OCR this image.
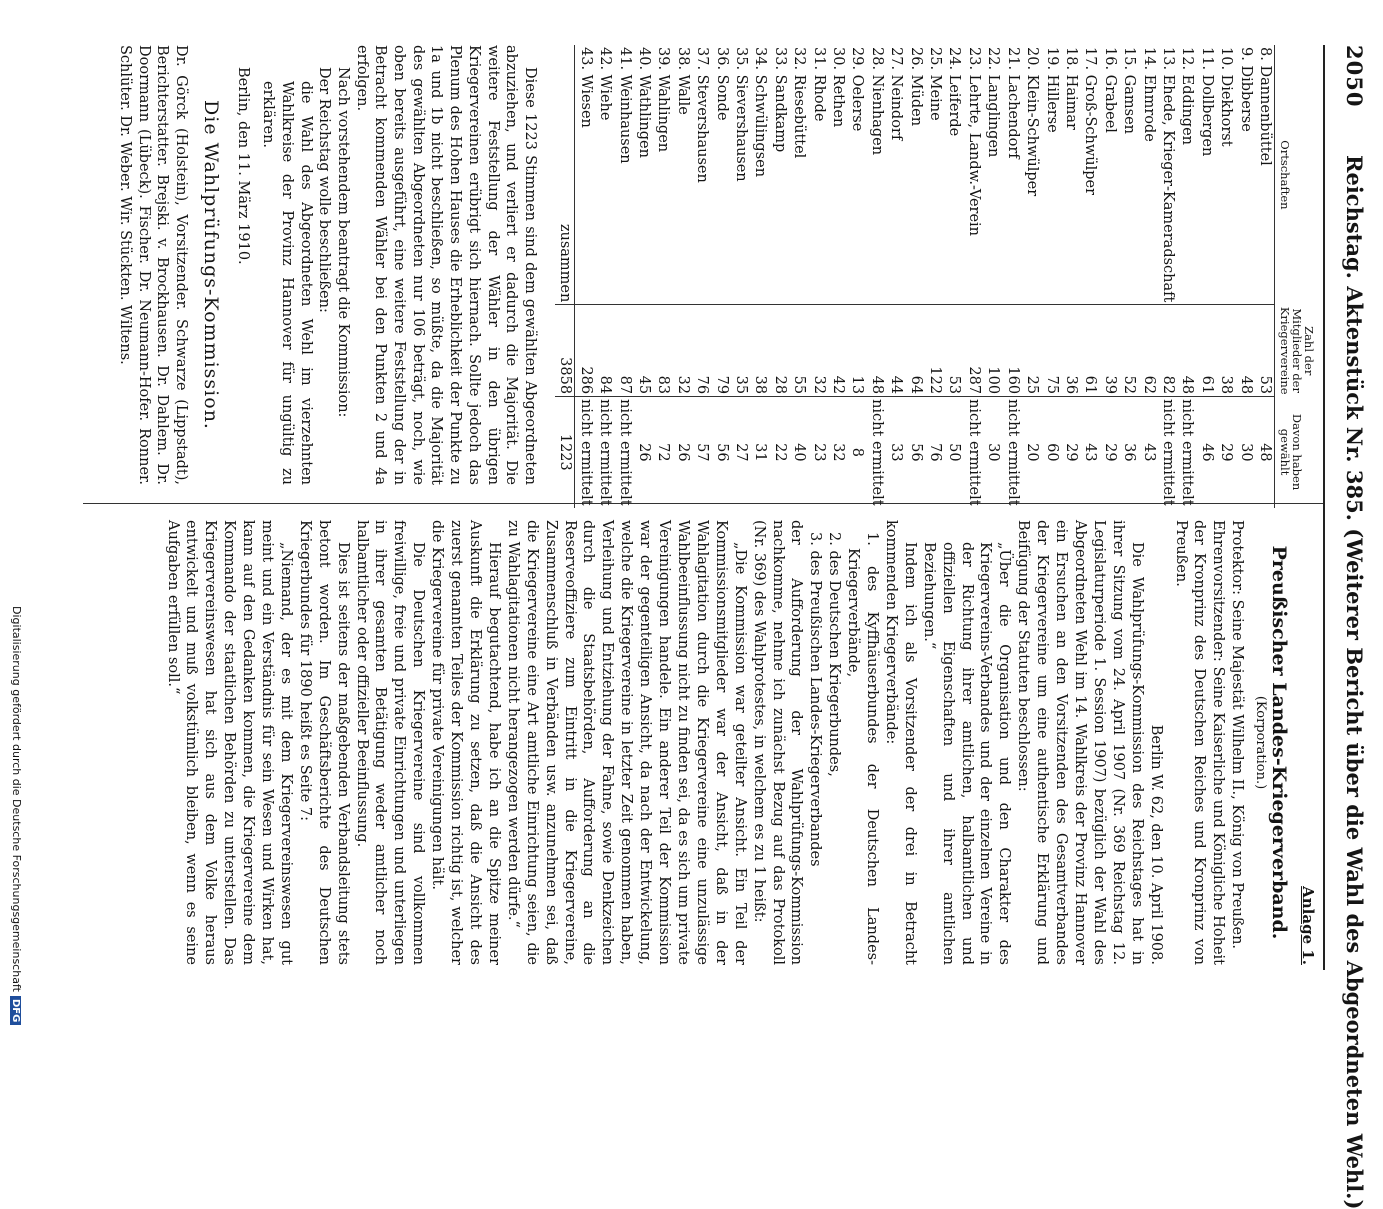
2050
Reichstag. Aktenstück Nr. 385. (Weiterer Bericht über die Wahl des Abgeordneten Wehl.)
Ortschaften	Zahl der Mitglieder der Kriegervereine	Davon haben gewählt
8. Dannenbüttel	53	48
9. Dibberse	48	30
10. Diekhorst	38	29
11. Dollbergen	61	46
12. Eddingen	48	nicht ermittelt
13. Ehede, Krieger-Kameradschaft	82	nicht ermittelt
14. Ehmrode	62	43
15. Gamsen	52	36
16. Grabeel	39	29
17. Groß-Schwülper	61	43
18. Haimar	36	29
19. Hillerse	75	60
20. Klein-Schwülper	25	20
21. Lachendorf	160	nicht ermittelt
22. Langlingen	100	30
23. Lehrte, Landw.-Verein	287	nicht ermittelt
24. Leiferde	53	50
25. Meine	122	76
26. Müden	64	56
27. Neindorf	44	33
28. Nienhagen	48	nicht ermittelt
29. Oelerse	13	8
30. Rethen	42	32
31. Rhode	32	23
32. Riesebüttel	55	40
33. Sandkamp	28	22
34. Schwülingsen	38	31
35. Sievershausen	35	27
36. Sonde	79	56
37. Stevershausen	76	57
38. Walle	32	26
39. Wahlingen	83	72
40. Wathlingen	45	26
41. Weinhausen	87	nicht ermittelt
42. Wiehe	84	nicht ermittelt
43. Wiesen	286	nicht ermittelt
zusammen	3858	1223

Diese 1223 Stimmen sind dem gewählten Abgeordneten abzuziehen, und verliert er dadurch die Majorität. Die weitere Feststellung der Wähler in den übrigen Kriegervereinen erübrigt sich hiernach. Sollte jedoch das Plenum des Hohen Hauses die Erheblichkeit der Punkte zu 1a und 1b nicht beschließen, so müßte, da die Majorität des gewählten Abgeordneten nur 106 beträgt, noch, wie oben bereits ausgeführt, eine weitere Feststellung der in Betracht kommenden Wähler bei den Punkten 2 und 4a erfolgen.

Nach vorstehendem beantragt die Kommission:

Der Reichstag wolle beschließen:

die Wahl des Abgeordneten Wehl im vierzehnten Wahlkreise der Provinz Hannover für ungültig zu erklären.

Berlin, den 11. März 1910.

Die Wahlprüfungs-Kommission.

Dr. Görck (Holstein), Vorsitzender. Schwarze (Lippstadt), Berichterstatter. Brejski. v. Brockhausen. Dr. Dahlem. Dr. Doormann (Lübeck). Fischer. Dr. Neumann-Hofer. Ronner. Schlüter. Dr. Weber. Wir. Stückten. Wiltens.

Anlage 1.

Preußischer Landes-Kriegerverband.

(Korporation.)

Protektor: Seine Majestät Wilhelm II., König von Preußen.

Ehrenvorsitzender: Seine Kaiserliche und Königliche Hoheit der Kronprinz des Deutschen Reiches und Kronprinz von Preußen.

Berlin W. 62, den 10. April 1908.

Die Wahlprüfungs-Kommission des Reichstages hat in ihrer Sitzung vom 24. April 1907 (Nr. 369 Reichstag 12. Legislaturperiode 1. Session 1907) bezüglich der Wahl des Abgeordneten Wehl im 14. Wahlkreis der Provinz Hannover ein Ersuchen an den Vorsitzenden des Gesamtverbandes der Kriegervereine um eine authentische Erklärung und Beifügung der Statuten beschlossen:

„Über die Organisation und den Charakter des Kriegervereins-Verbandes und der einzelnen Vereine in der Richtung ihrer amtlichen, halbamtlichen und offiziellen Eigenschaften und ihrer amtlichen Beziehungen.“

Indem ich als Vorsitzender der drei in Betracht kommenden Kriegerverbände:

1. des Kyffhäuserbundes der Deutschen Landes-Kriegerverbände,

2. des Deutschen Kriegerbundes,

3. des Preußischen Landes-Kriegerverbandes

der Aufforderung der Wahlprüfungs-Kommission nachkomme, nehme ich zunächst Bezug auf das Protokoll (Nr. 369) des Wahlprotestes, in welchem es zu 1 heißt:

„Die Kommission war geteilter Ansicht. Ein Teil der Kommissionsmitglieder war der Ansicht, daß in der Wahlagitation durch die Kriegervereine eine unzulässige Wahlbeeinflussung nicht zu finden sei, da es sich um private Vereinigungen handele. Ein anderer Teil der Kommission war der gegenteiligen Ansicht, da nach der Entwickelung, welche die Kriegervereine in letzter Zeit genommen haben, Verleihung und Entziehung der Fahne, sowie Denkzeichen durch die Staatsbehörden, Aufforderung an die Reserveoffiziere zum Eintritt in die Kriegervereine, Zusammenschluß in Verbänden usw. anzunehmen sei, daß die Kriegervereine eine Art amtliche Einrichtung seien, die zu Wahlagitationen nicht herangezogen werden dürfe.“

Hierauf begutachtend, habe ich an die Spitze meiner Auskunft die Erklärung zu setzen, daß die Ansicht des zuerst genannten Teiles der Kommission richtig ist, welcher die Kriegervereine für private Vereinigungen hält.

Die Deutschen Kriegervereine sind vollkommen freiwillige, freie und private Einrichtungen und unterliegen in ihrer gesamten Betätigung weder amtlicher noch halbamtlicher oder offizieller Beeinflussung.

Dies ist seitens der maßgebenden Verbandsleitung stets betont worden. Im Geschäftsberichte des Deutschen Kriegerbundes für 1890 heißt es Seite 7:

„Niemand, der es mit dem Kriegervereinswesen gut meint und ein Verständnis für sein Wesen und Wirken hat, kann auf den Gedanken kommen, die Kriegervereine dem Kommando der staatlichen Behörden zu unterstellen. Das Kriegervereinswesen hat sich aus dem Volke heraus entwickelt und muß volkstümlich bleiben, wenn es seine Aufgaben erfüllen soll.“

Digitalisierung gefördert durch die Deutsche ForschungsgemeinschaftDFG
